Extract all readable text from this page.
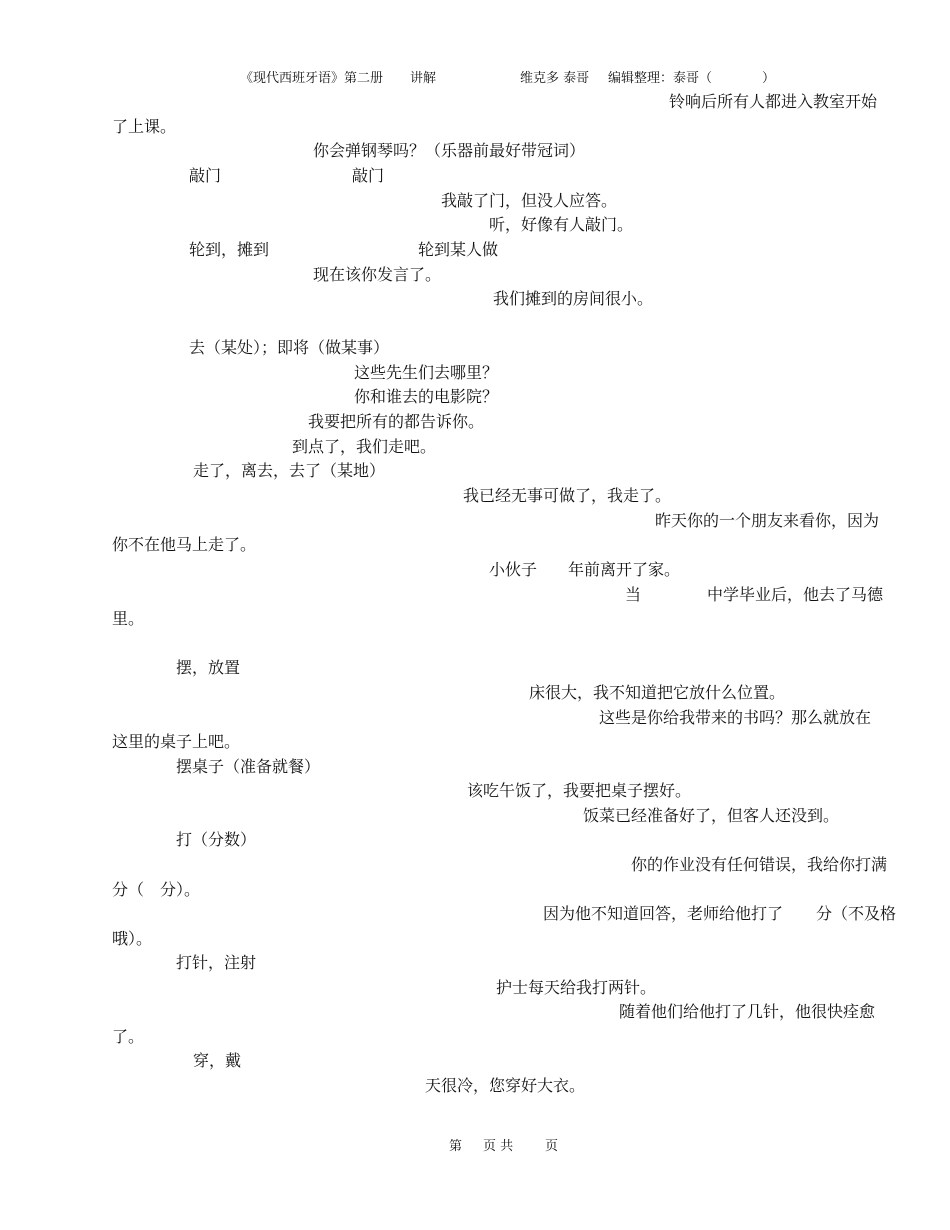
《现代西班牙语》第二册 讲解	维克多 泰哥 编辑整理：泰哥（	）
铃响后所有人都进入教室开始
了上课。
你会弹钢琴吗？（乐器前最好带冠词）
敲门	敲门
我敲了门，但没人应答。
听，好像有人敲门。
轮到，摊到	轮到某人做
现在该你发言了。
我们摊到的房间很小。
去（某处）；即将（做某事）
这些先生们去哪里？
你和谁去的电影院？
我要把所有的都告诉你。
到点了，我们走吧。
走了，离去，去了（某地）
我已经无事可做了，我走了。
昨天你的一个朋友来看你，因为
你不在他马上走了。
小伙子 年前离开了家。
当	中学毕业后，他去了马德
里。
摆，放置
床很大，我不知道把它放什么位置。
这些是你给我带来的书吗？那么就放在
这里的桌子上吧。
摆桌子（准备就餐）
该吃午饭了，我要把桌子摆好。
饭菜已经准备好了，但客人还没到。
打（分数）
你的作业没有任何错误，我给你打满
分（　分）。
因为他不知道回答，老师给他打了 分（不及格
哦）。
打针，注射
护士每天给我打两针。
随着他们给他打了几针，他很快痊愈
了。
穿，戴
天很冷，您穿好大衣。
第 页 共 页
